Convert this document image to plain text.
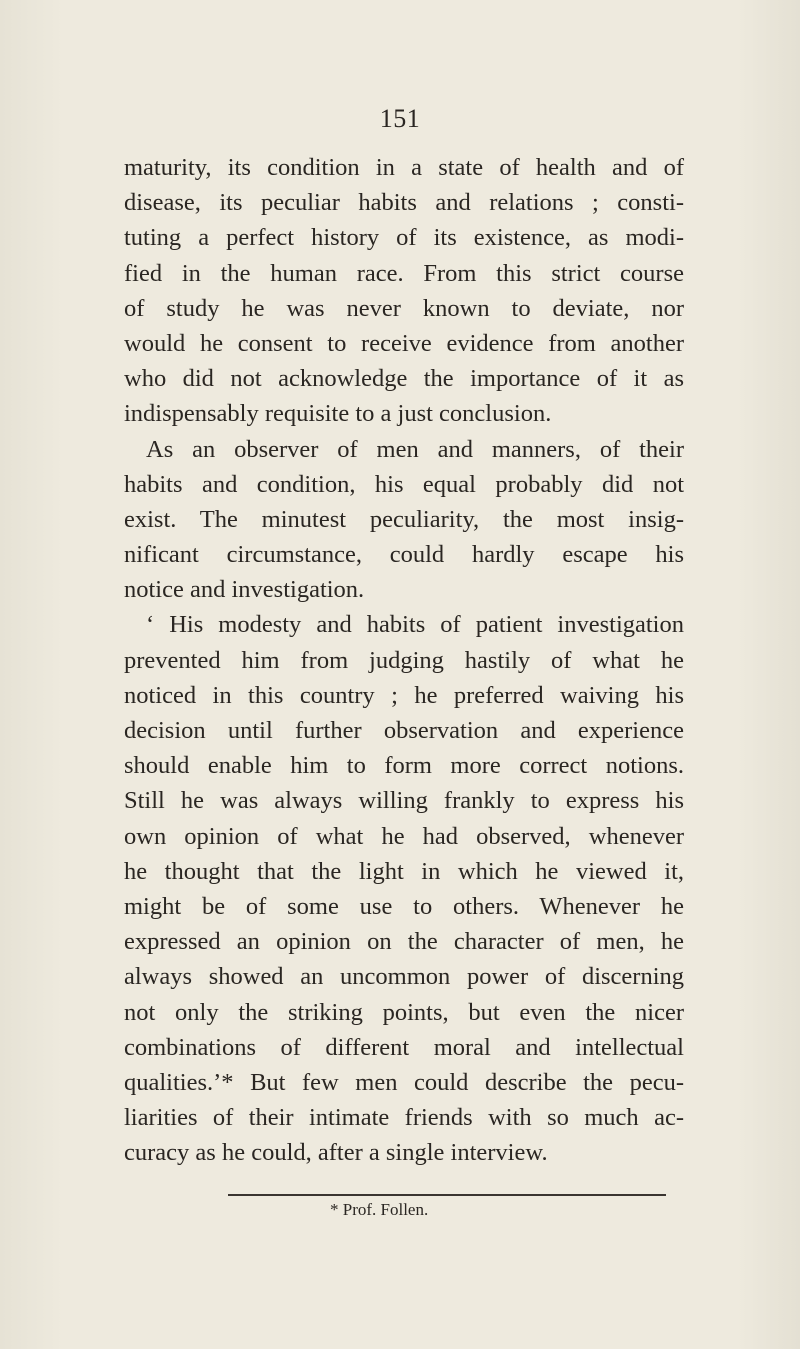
151
maturity, its condition in a state of health and of
disease, its peculiar habits and relations ; consti-
tuting a perfect history of its existence, as modi-
fied in the human race. From this strict course
of study he was never known to deviate, nor
would he consent to receive evidence from another
who did not acknowledge the importance of it as
indispensably requisite to a just conclusion.
As an observer of men and manners, of their
habits and condition, his equal probably did not
exist. The minutest peculiarity, the most insig-
nificant circumstance, could hardly escape his
notice and investigation.
‘ His modesty and habits of patient investigation
prevented him from judging hastily of what he
noticed in this country ; he preferred waiving his
decision until further observation and experience
should enable him to form more correct notions.
Still he was always willing frankly to express his
own opinion of what he had observed, whenever
he thought that the light in which he viewed it,
might be of some use to others. Whenever he
expressed an opinion on the character of men, he
always showed an uncommon power of discerning
not only the striking points, but even the nicer
combinations of different moral and intellectual
qualities.’* But few men could describe the pecu-
liarities of their intimate friends with so much ac-
curacy as he could, after a single interview.
* Prof. Follen.
